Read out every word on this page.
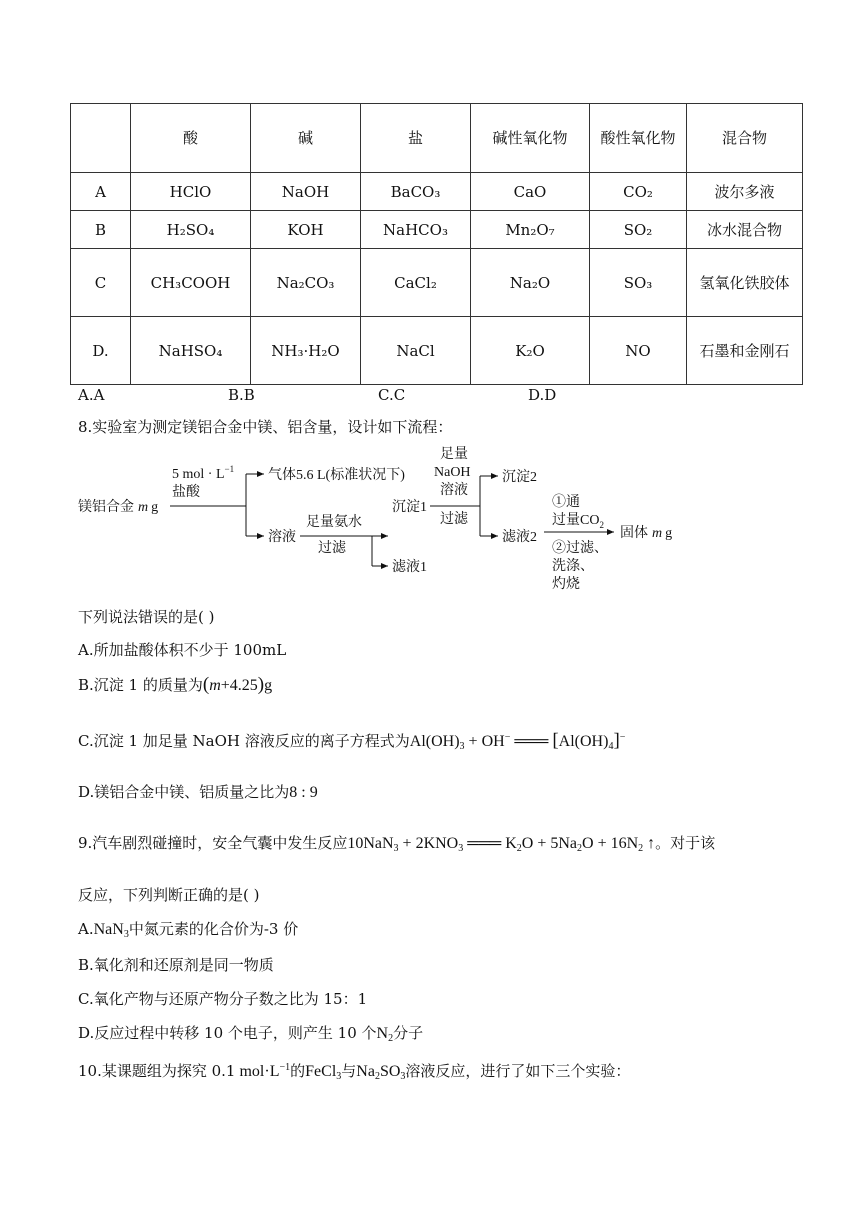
	酸	碱	盐	碱性氧化物	酸性氧化物	混合物
A	HClO	NaOH	BaCO₃	CaO	CO₂	波尔多液
B	H₂SO₄	KOH	NaHCO₃	Mn₂O₇	SO₂	冰水混合物
C	CH₃COOH	Na₂CO₃	CaCl₂	Na₂O	SO₃	氢氧化铁胶体
D.	NaHSO₄	NH₃·H₂O	NaCl	K₂O	NO	石墨和金刚石
A.A	B.B	C.C	D.D
8.实验室为测定镁铝合金中镁、铝含量，设计如下流程：
镁铝合金 m g
5 mol · $L^{-1}$
盐酸
气体5.6 L(标准状况下)
溶液
足量氨水
过滤
沉淀1
滤液1
足量
NaOH
溶液
过滤
沉淀2
滤液2
①通
过量$CO_2$
②过滤、
洗涤、
灼烧
固体 m g
下列说法错误的是( )
A.所加盐酸体积不少于 100mL
B.沉淀 1 的质量为(m+4.25)g
C.沉淀 1 加足量 NaOH 溶液反应的离子方程式为$Al(OH)_3 + OH^-$ ═══ $[Al(OH)_4]^-$
D.镁铝合金中镁、铝质量之比为8 : 9
9.汽车剧烈碰撞时，安全气囊中发生反应$10NaN_3 + 2KNO_3$ ═══ $K_2O + 5Na_2O + 16N_2$ ↑。对于该
反应，下列判断正确的是( )
A.NaN$_3$中氮元素的化合价为-3 价
B.氧化剂和还原剂是同一物质
C.氧化产物与还原产物分子数之比为 15：1
D.反应过程中转移 10 个电子，则产生 10 个$N_2$分子
10.某课题组为探究 0.1 $mol\cdot L^{-1}$的FeCl$_3$与$Na_2SO_3$溶液反应，进行了如下三个实验：
